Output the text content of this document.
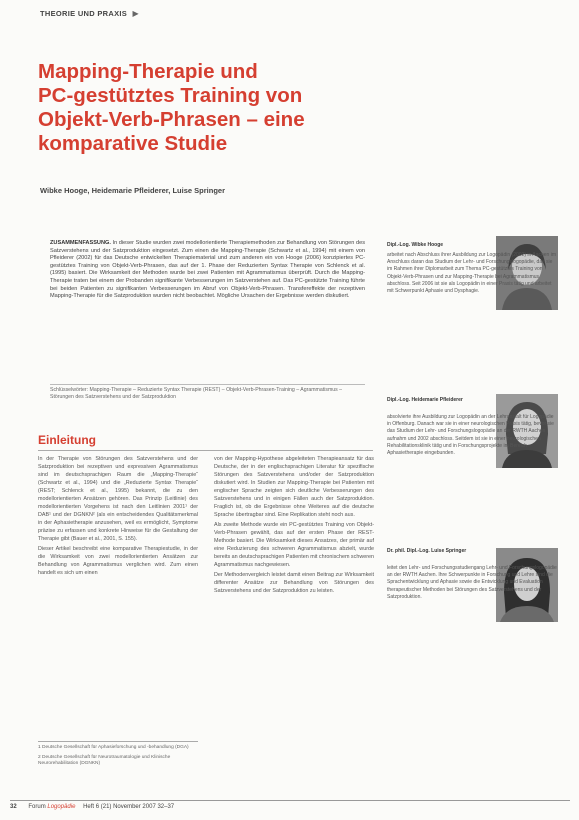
THEORIE UND PRAXIS ▶
Mapping-Therapie und
PC-gestütztes Training von
Objekt-Verb-Phrasen – eine
komparative Studie
Wibke Hooge, Heidemarie Pfleiderer, Luise Springer
ZUSAMMENFASSUNG. In dieser Studie wurden zwei modellorientierte Therapiemethoden zur Behandlung von Störungen des Satzverstehens und der Satzproduktion eingesetzt. Zum einen die Mapping-Therapie (Schwartz et al., 1994) mit einem von Pfleiderer (2002) für das Deutsche entwickelten Therapiematerial und zum anderen ein von Hooge (2006) konzipiertes PC-gestütztes Training von Objekt-Verb-Phrasen, das auf der 1. Phase der Reduzierten Syntax Therapie von Schlenck et al. (1995) basiert. Die Wirksamkeit der Methoden wurde bei zwei Patienten mit Agrammatismus überprüft. Durch die Mapping-Therapie traten bei einem der Probanden signifikante Verbesserungen im Satzverstehen auf. Das PC-gestützte Training führte bei beiden Patienten zu signifikanten Verbesserungen im Abruf von Objekt-Verb-Phrasen. Transfereffekte der rezeptiven Mapping-Therapie für die Satzproduktion wurden nicht beobachtet. Mögliche Ursachen der Ergebnisse werden diskutiert.
Schlüsselwörter: Mapping-Therapie – Reduzierte Syntax Therapie (REST) – Objekt-Verb-Phrasen-Training – Agrammatismus – Störungen des Satzverstehens und der Satzproduktion
Einleitung

In der Therapie von Störungen des Satzverstehens und der Satzproduktion bei rezeptiven und expressiven Agrammatismus sind im deutschsprachigen Raum die „Mapping-Therapie“ (Schwartz et al., 1994) und die „Reduzierte Syntax Therapie“ (REST; Schlenck et al., 1995) bekannt, die zu den modellorientierten Ansätzen gehören. Das Prinzip (Leitlinie) des modellorientierten Vorgehens ist nach den Leitlinien 2001¹ der DAB¹ und der DGNKN² (als ein entscheidendes Qualitätsmerkmal in der Aphasietherapie anzusehen, weil es ermöglicht, Symptome präzise zu erfassen und konkrete Hinweise für die Gestaltung der Therapie gibt (Bauer et al., 2001, S. 155).

Dieser Artikel beschreibt eine komparative Therapiestudie, in der die Wirksamkeit von zwei modellorientierten Ansätzen zur Behandlung von Agrammatismus verglichen wird. Zum einen handelt es sich um einen

von der Mapping-Hypothese abgeleiteten Therapieansatz für das Deutsche, der in der englischsprachigen Literatur für spezifische Störungen des Satzverstehens und/oder der Satzproduktion diskutiert wird. In Studien zur Mapping-Therapie bei Patienten mit englischer Sprache zeigten sich deutliche Verbesserungen des Satzverstehens und in einigen Fällen auch der Satzproduktion. Fraglich ist, ob die Ergebnisse ohne Weiteres auf die deutsche Sprache übertragbar sind. Eine Replikation steht noch aus.

Als zweite Methode wurde ein PC-gestütztes Training von Objekt-Verb-Phrasen gewählt, das auf der ersten Phase der REST-Methode basiert. Die Wirksamkeit dieses Ansatzes, der primär auf eine Reduzierung des schweren Agrammatismus abzielt, wurde bereits an deutschsprachigen Patienten mit chronischem schweren Agrammatismus nachgewiesen.

Der Methodenvergleich leistet damit einen Beitrag zur Wirksamkeit differenter Ansätze zur Behandlung von Störungen des Satzverstehens und der Satzproduktion zu leisten.

1 Deutsche Gesellschaft für Aphasieforschung und -behandlung (DGA)
2 Deutsche Gesellschaft für Neurotraumatologie und Klinische Neurorehabilitation (DGNKN)
Dipl.-Log. Wibke Hooge
arbeitet nach Abschluss ihrer Ausbildung zur Logopädin (2002) in Aachen im Anschluss daran das Studium der Lehr- und Forschungslogopädie, das sie im Rahmen ihrer Diplomarbeit zum Thema PC-gestütztes Training von Objekt-Verb-Phrasen und zur Mapping-Therapie bei Agrammatismus abschloss. Seit 2006 ist sie als Logopädin in einer Praxis tätig und arbeitet mit Schwerpunkt Aphasie und Dysphagie.
Dipl.-Log. Heidemarie Pfleiderer
absolvierte ihre Ausbildung zur Logopädin an der Lehranstalt für Logopädie in Offenburg. Danach war sie in einer neurologischen Praxis tätig, bevor sie das Studium der Lehr- und Forschungslogopädie an der RWTH Aachen aufnahm und 2002 abschloss. Seitdem ist sie in einer neurologischen Rehabilitationsklinik tätig und in Forschungsprojekte im Bereich Aphasietherapie eingebunden.
Dr. phil. Dipl.-Log. Luise Springer
leitet den Lehr- und Forschungsstudiengang Lehr- und Forschungslogopädie an der RWTH Aachen. Ihre Schwerpunkte in Forschung und Lehre sind die Sprachentwicklung und Aphasie sowie die Entwicklung und Evaluation therapeutischer Methoden bei Störungen des Satzverstehens und der Satzproduktion.
32 Forum Logopädie Heft 6 (21) November 2007 32–37
